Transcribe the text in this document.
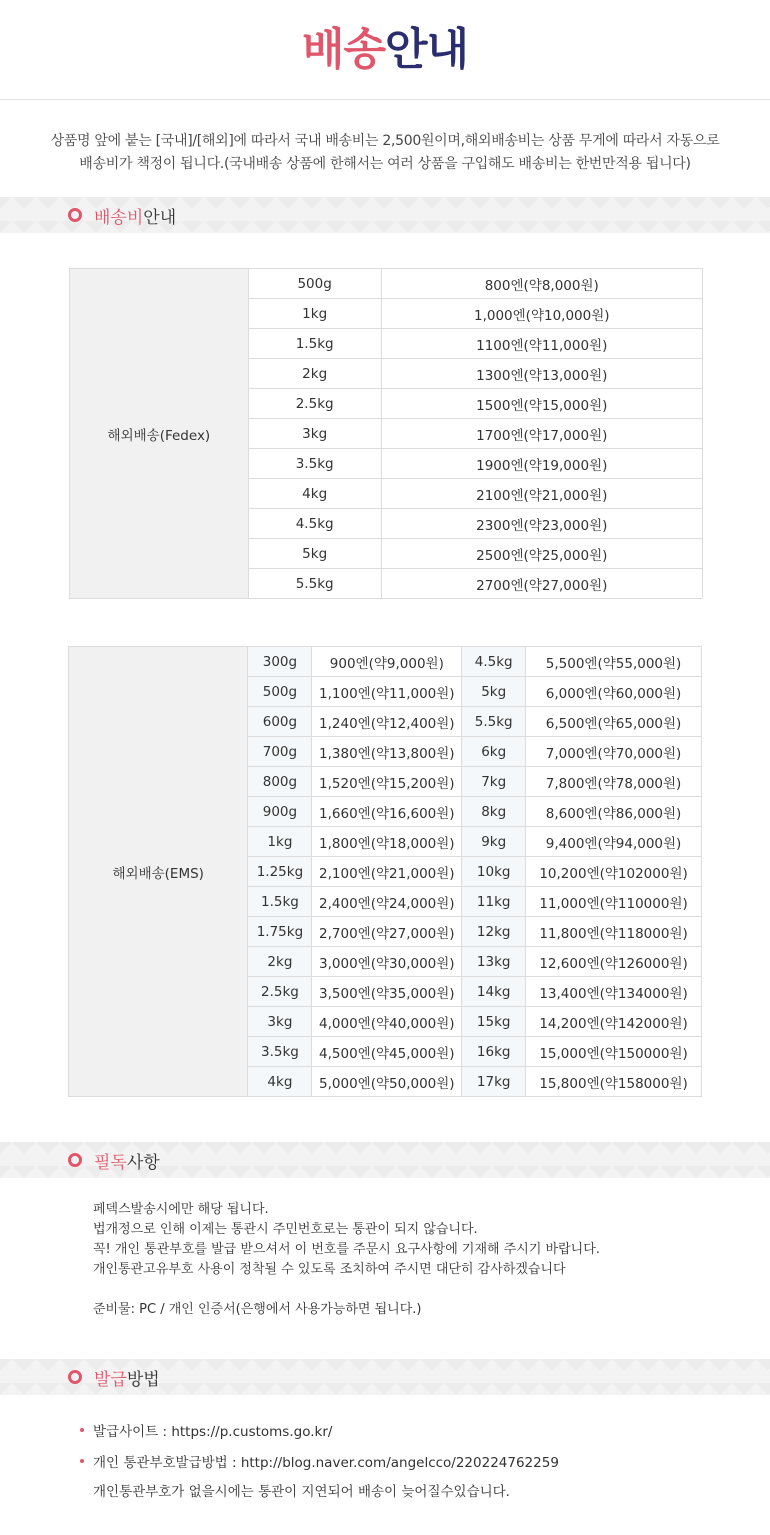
배송안내
상품명 앞에 붙는 [국내]/[해외]에 따라서 국내 배송비는 2,500원이며,해외배송비는 상품 무게에 따라서 자동으로
배송비가 책정이 됩니다.(국내배송 상품에 한해서는 여러 상품을 구입해도 배송비는 한번만적용 됩니다)
배송비안내
해외배송(Fedex)	500g	800엔(약8,000원)
	1kg	1,000엔(약10,000원)
	1.5kg	1100엔(약11,000원)
	2kg	1300엔(약13,000원)
	2.5kg	1500엔(약15,000원)
	3kg	1700엔(약17,000원)
	3.5kg	1900엔(약19,000원)
	4kg	2100엔(약21,000원)
	4.5kg	2300엔(약23,000원)
	5kg	2500엔(약25,000원)
	5.5kg	2700엔(약27,000원)
해외배송(EMS)	300g	900엔(약9,000원)	4.5kg	5,500엔(약55,000원)
	500g	1,100엔(약11,000원)	5kg	6,000엔(약60,000원)
	600g	1,240엔(약12,400원)	5.5kg	6,500엔(약65,000원)
	700g	1,380엔(약13,800원)	6kg	7,000엔(약70,000원)
	800g	1,520엔(약15,200원)	7kg	7,800엔(약78,000원)
	900g	1,660엔(약16,600원)	8kg	8,600엔(약86,000원)
	1kg	1,800엔(약18,000원)	9kg	9,400엔(약94,000원)
	1.25kg	2,100엔(약21,000원)	10kg	10,200엔(약102000원)
	1.5kg	2,400엔(약24,000원)	11kg	11,000엔(약110000원)
	1.75kg	2,700엔(약27,000원)	12kg	11,800엔(약118000원)
	2kg	3,000엔(약30,000원)	13kg	12,600엔(약126000원)
	2.5kg	3,500엔(약35,000원)	14kg	13,400엔(약134000원)
	3kg	4,000엔(약40,000원)	15kg	14,200엔(약142000원)
	3.5kg	4,500엔(약45,000원)	16kg	15,000엔(약150000원)
	4kg	5,000엔(약50,000원)	17kg	15,800엔(약158000원)
필독사항
페덱스발송시에만 해당 됩니다.
법개정으로 인해 이제는 통관시 주민번호로는 통관이 되지 않습니다.
꼭! 개인 통관부호를 발급 받으셔서 이 번호를 주문시 요구사항에 기재해 주시기 바랍니다.
개인통관고유부호 사용이 정착될 수 있도록 조치하여 주시면 대단히 감사하겠습니다
준비물: PC / 개인 인증서(은행에서 사용가능하면 됩니다.)
발급방법
발급사이트 : https://p.customs.go.kr/
개인 통관부호발급방법 : http://blog.naver.com/angelcco/220224762259
개인통관부호가 없을시에는 통관이 지연되어 배송이 늦어질수있습니다.
